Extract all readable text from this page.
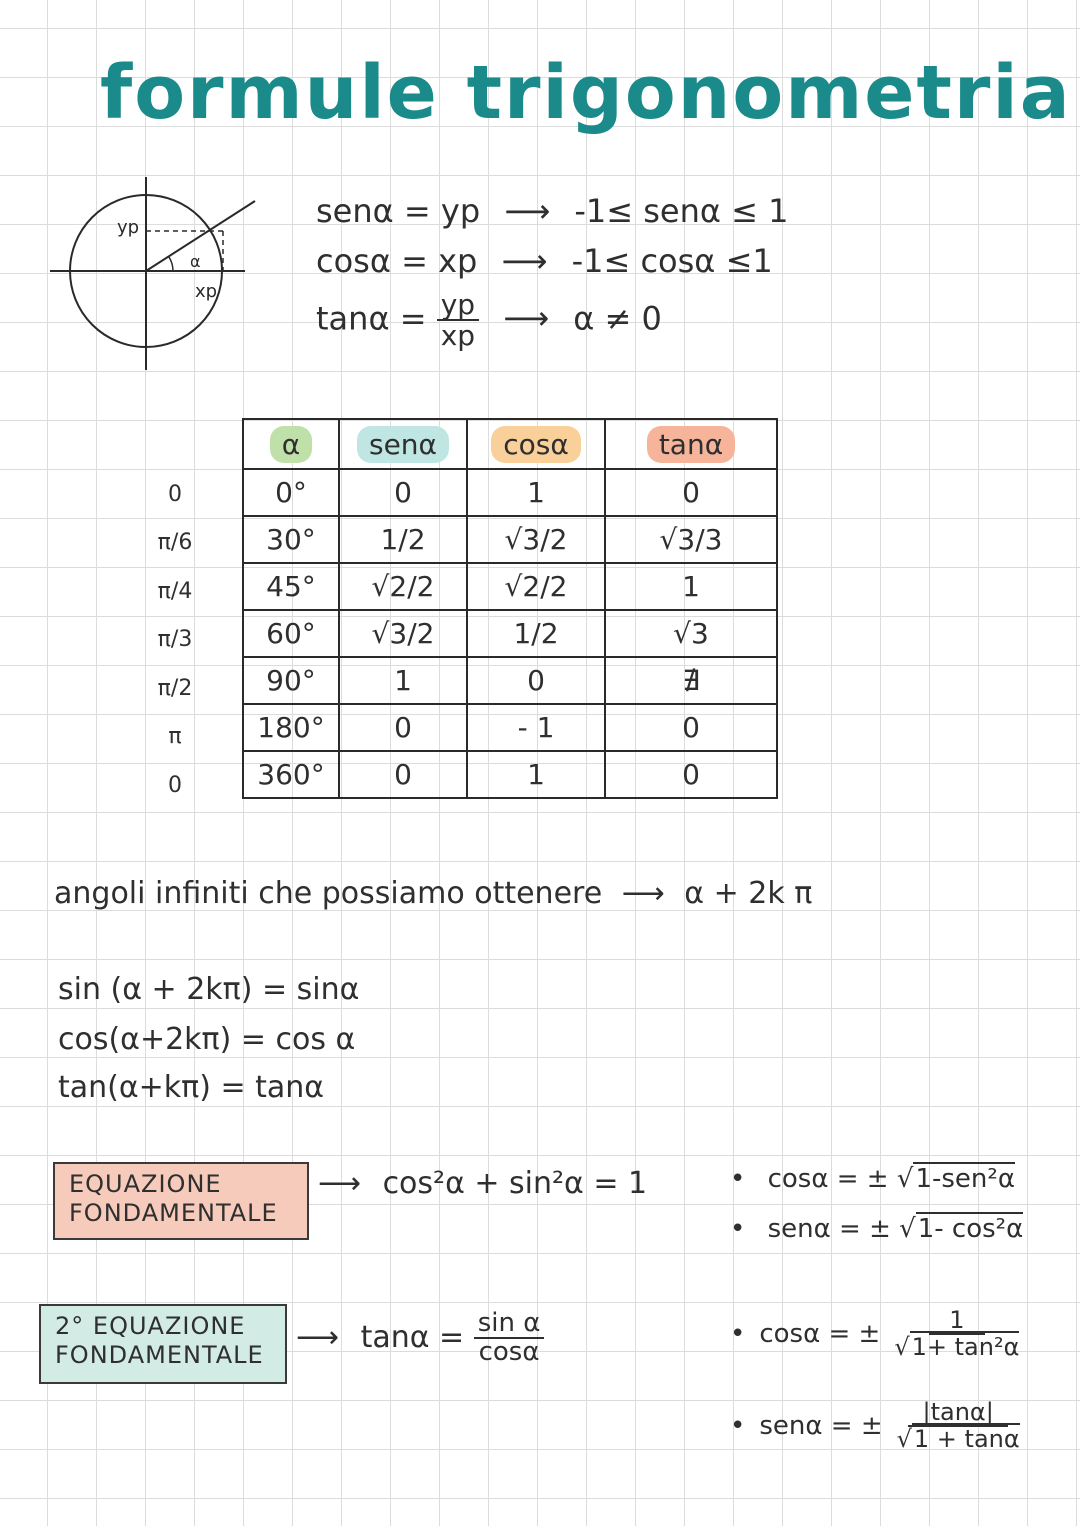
formule trigonometria
yp
α
xp
senα = yp ⟶ -1≤ senα ≤ 1
cosα = xp ⟶ -1≤ cosα ≤1
$\tan\alpha = \frac{yp}{xp}$ ⟶ α ≠ 0
0
π/6
π/4
π/3
π/2
π
0
α	senα	cosα	tanα
0°	0	1	0
30°	1/2	√3/2	√3/3
45°	√2/2	√2/2	1
60°	√3/2	1/2	√3
90°	1	0	∄
180°	0	- 1	0
360°	0	1	0
angoli infiniti che possiamo ottenere ⟶ α + 2k π
sin (α + 2kπ) = sinα
cos(α+2kπ) = cos α
tan(α+kπ) = tanα
EQUAZIONE
FONDAMENTALE
⟶ cos²α + sin²α = 1	• cosα = ± √1-sen²α
• senα = ± √1- cos²α
2° EQUAZIONE
FONDAMENTALE ⟶ $\tan\alpha = \frac{\text{sin α}}{\cos\alpha}$	• cosα = ± $\frac{1}{\text{√1+ tan²α}}$
• senα = ± $\frac{|\tan\alpha|}{√1 + \tan\alpha}$
